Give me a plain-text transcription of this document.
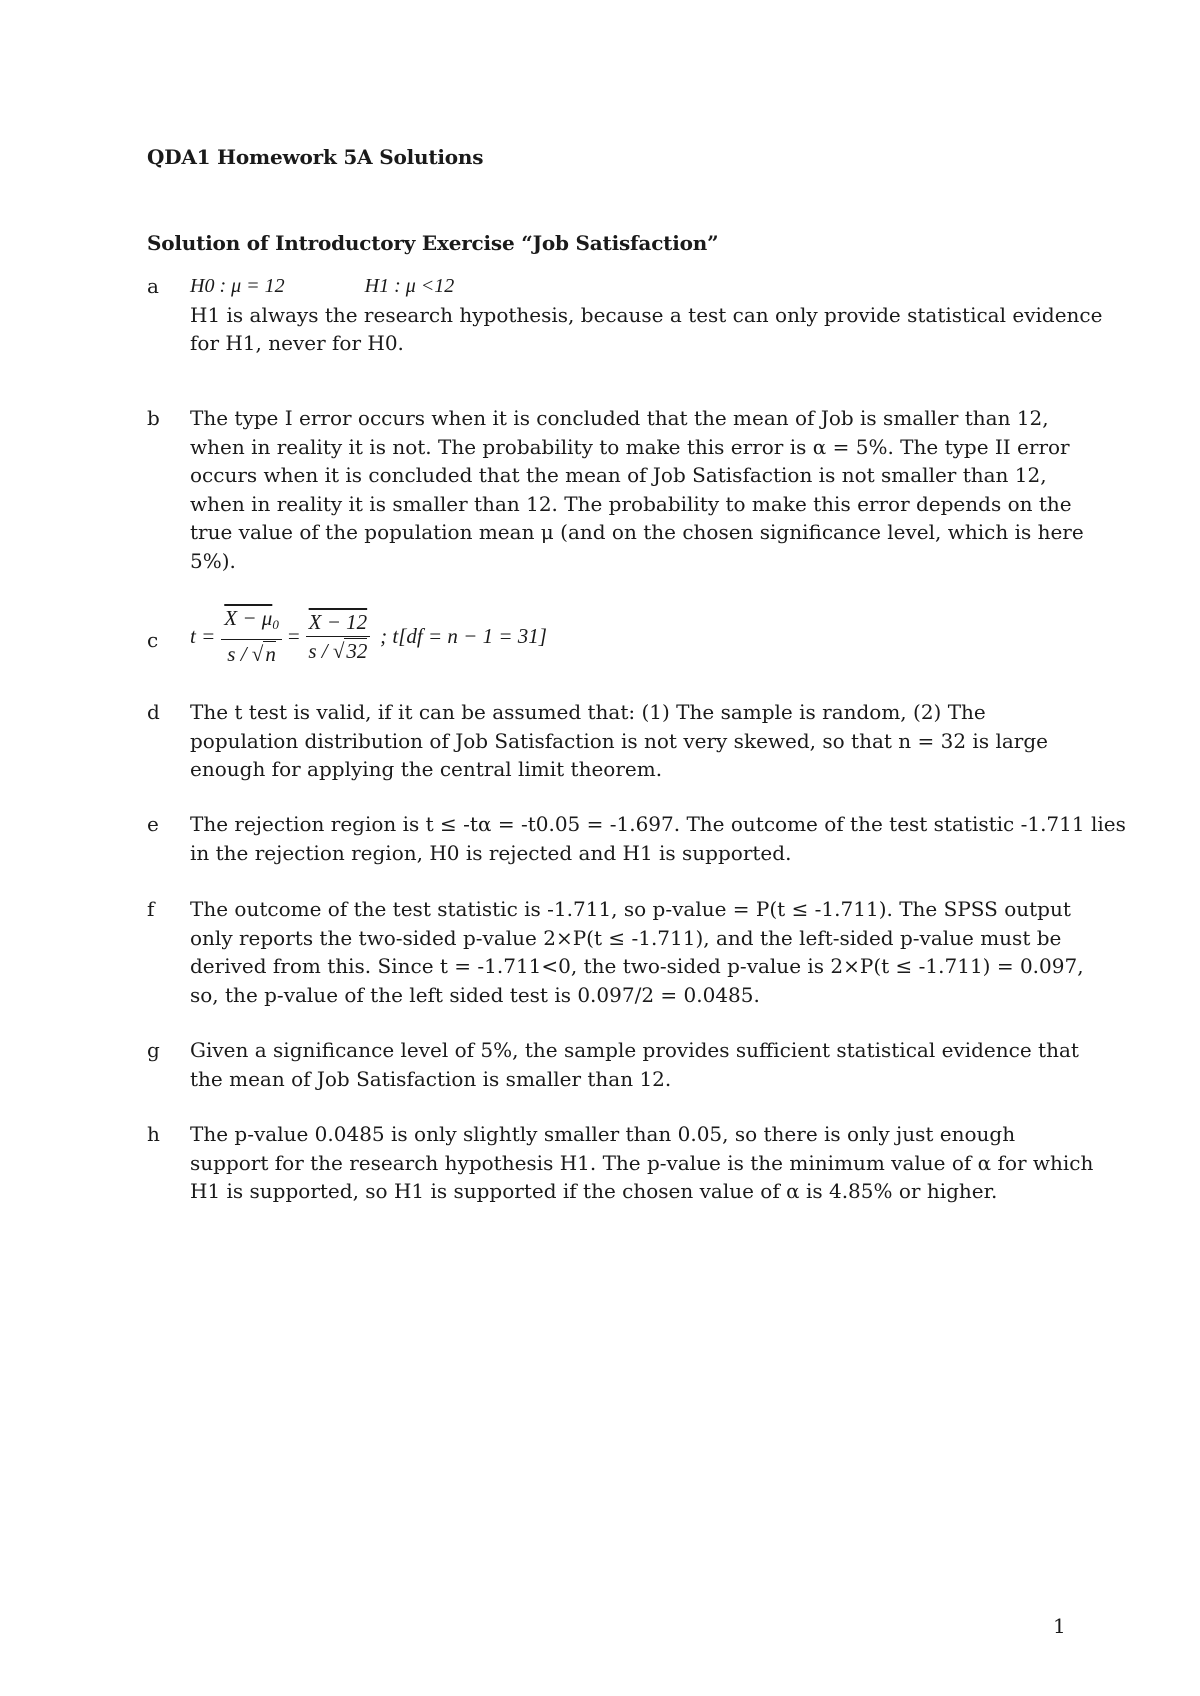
QDA1 Homework 5A Solutions
Solution of Introductory Exercise “Job Satisfaction”
a	H0 : μ = 12	H1 : μ <12
H1 is always the research hypothesis, because a test can only provide statistical evidence
for H1, never for H0.
b	The type I error occurs when it is concluded that the mean of Job is smaller than 12,
when in reality it is not. The probability to make this error is α = 5%. The type II error
occurs when it is concluded that the mean of Job Satisfaction is not smaller than 12,
when in reality it is smaller than 12. The probability to make this error depends on the
true value of the population mean μ (and on the chosen significance level, which is here
5%).
c	$t = \frac{X - \mu_0}{s / √n} = \frac{X - 12}{s / √32}$ ; t[df = n − 1 = 31]
d	The t test is valid, if it can be assumed that: (1) The sample is random, (2) The
population distribution of Job Satisfaction is not very skewed, so that n = 32 is large
enough for applying the central limit theorem.
e	The rejection region is t ≤ -tα = -t0.05 = -1.697. The outcome of the test statistic -1.711 lies
in the rejection region, H0 is rejected and H1 is supported.
f	The outcome of the test statistic is -1.711, so p-value = P(t ≤ -1.711). The SPSS output
only reports the two-sided p-value 2×P(t ≤ -1.711), and the left-sided p-value must be
derived from this. Since t = -1.711<0, the two-sided p-value is 2×P(t ≤ -1.711) = 0.097,
so, the p-value of the left sided test is 0.097/2 = 0.0485.
g	Given a significance level of 5%, the sample provides sufficient statistical evidence that
the mean of Job Satisfaction is smaller than 12.
h	The p-value 0.0485 is only slightly smaller than 0.05, so there is only just enough
support for the research hypothesis H1. The p-value is the minimum value of α for which
H1 is supported, so H1 is supported if the chosen value of α is 4.85% or higher.
1
